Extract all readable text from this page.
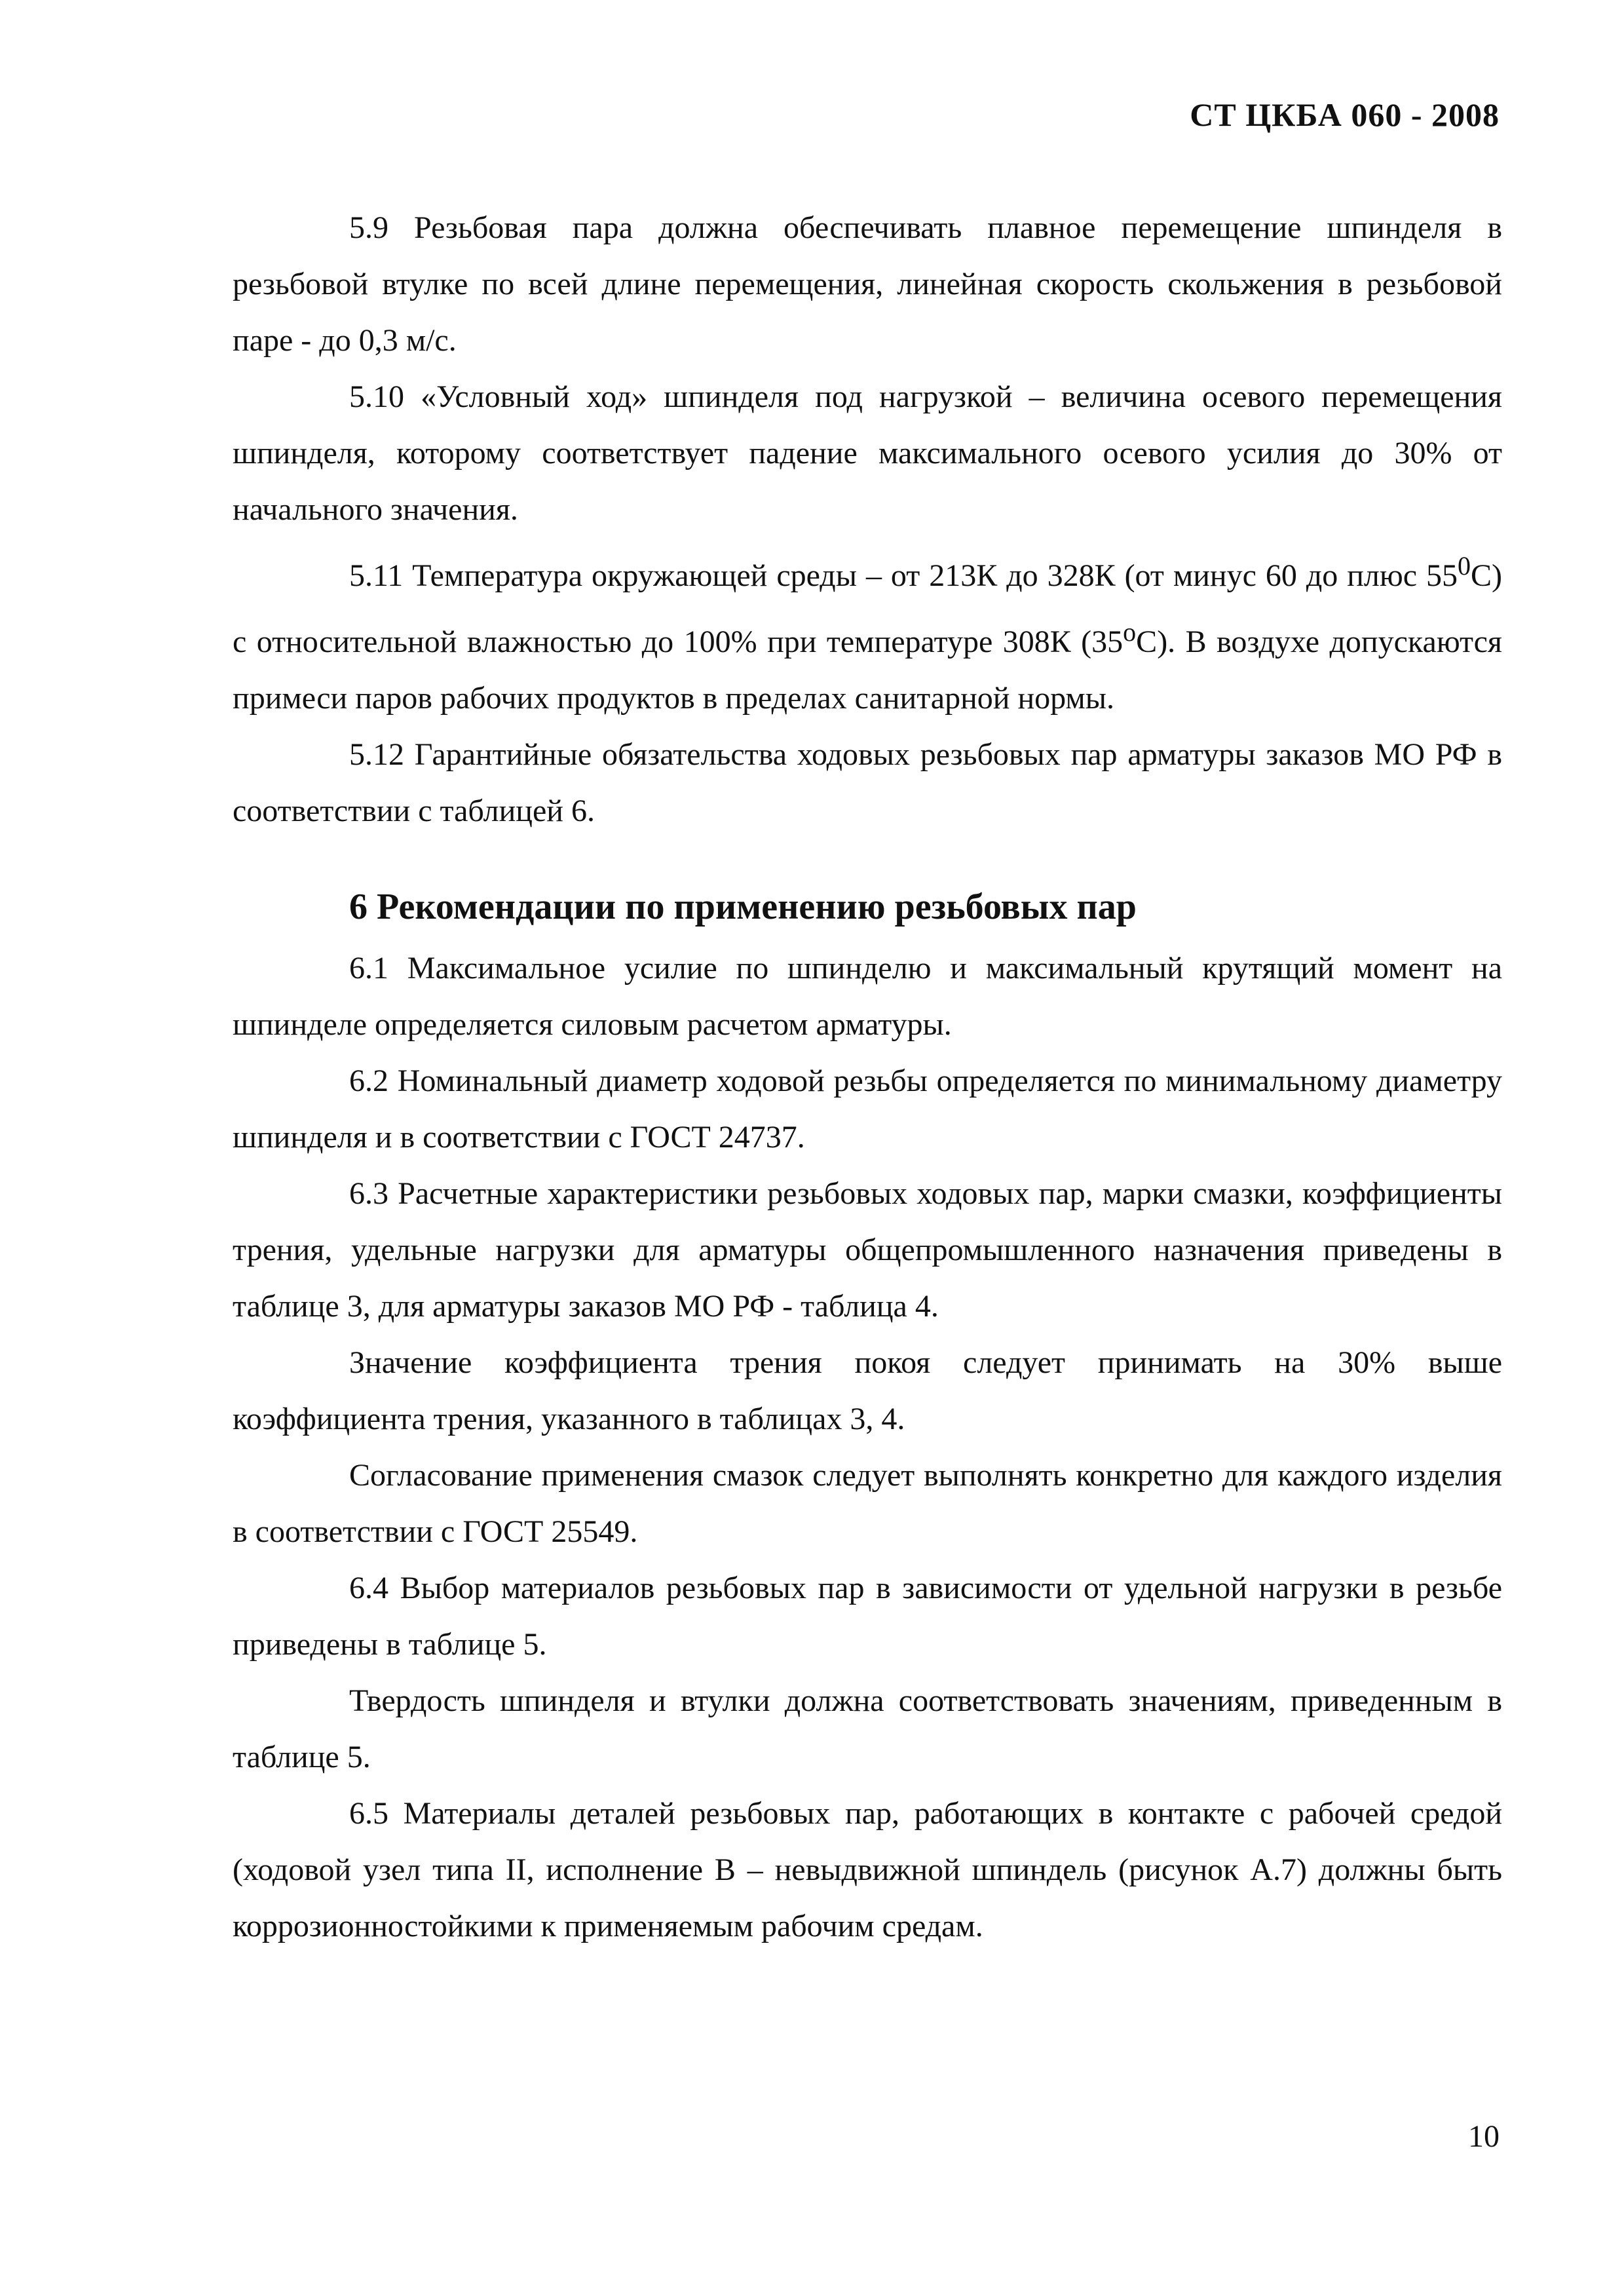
СТ ЦКБА 060 - 2008

5.9 Резьбовая пара должна обеспечивать плавное перемещение шпинделя в резьбовой втулке по всей длине перемещения, линейная скорость скольжения в резьбовой паре - до 0,3 м/с.

5.10 «Условный ход» шпинделя под нагрузкой – величина осевого перемещения шпинделя, которому соответствует падение максимального осевого усилия до 30% от начального значения.

5.11 Температура окружающей среды – от 213К до 328К (от минус 60 до плюс $55^0С$) с относительной влажностью до 100% при температуре 308К $(35^оС)$. В воздухе допускаются примеси паров рабочих продуктов в пределах санитарной нормы.

5.12 Гарантийные обязательства ходовых резьбовых пар арматуры заказов МО РФ в соответствии с таблицей 6.

6 Рекомендации по применению резьбовых пар

6.1 Максимальное усилие по шпинделю и максимальный крутящий момент на шпинделе определяется силовым расчетом арматуры.

6.2 Номинальный диаметр ходовой резьбы определяется по минимальному диаметру шпинделя и в соответствии с ГОСТ 24737.

6.3 Расчетные характеристики резьбовых ходовых пар, марки смазки, коэффициенты трения, удельные нагрузки для арматуры общепромышленного назначения приведены в таблице 3, для арматуры заказов МО РФ - таблица 4.

Значение коэффициента трения покоя следует принимать на 30% выше коэффициента трения, указанного в таблицах 3, 4.

Согласование применения смазок следует выполнять конкретно для каждого изделия в соответствии с ГОСТ 25549.

6.4 Выбор материалов резьбовых пар в зависимости от удельной нагрузки в резьбе приведены в таблице 5.

Твердость шпинделя и втулки должна соответствовать значениям, приведенным в таблице 5.

6.5 Материалы деталей резьбовых пар, работающих в контакте с рабочей средой (ходовой узел типа II, исполнение В – невыдвижной шпиндель (рисунок А.7) должны быть коррозионностойкими к применяемым рабочим средам.

10
